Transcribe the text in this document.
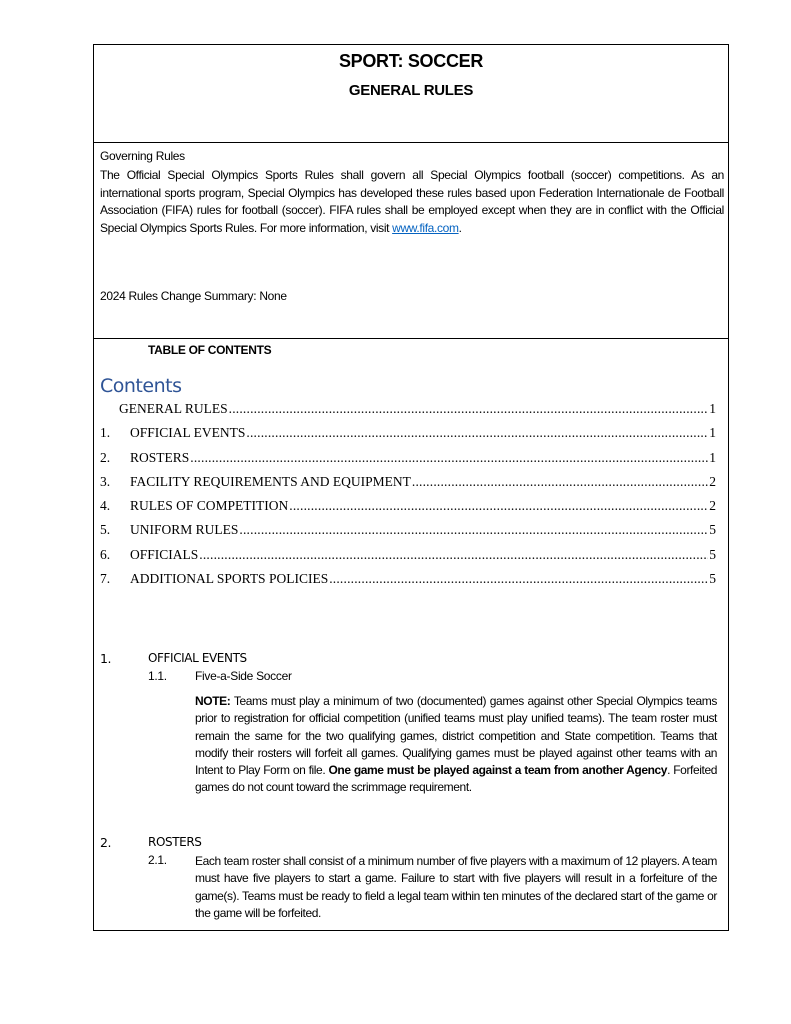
SPORT: SOCCER
GENERAL RULES
Governing Rules
The Official Special Olympics Sports Rules shall govern all Special Olympics football (soccer) competitions. As an international sports program, Special Olympics has developed these rules based upon Federation Internationale de Football Association (FIFA) rules for football (soccer). FIFA rules shall be employed except when they are in conflict with the Official Special Olympics Sports Rules. For more information, visit www.fifa.com.
2024 Rules Change Summary: None
TABLE OF CONTENTS
Contents
GENERAL RULES .....	1
1.	OFFICIAL EVENTS .....	1
2.	ROSTERS .....	1
3.	FACILITY REQUIREMENTS AND EQUIPMENT .....	2
4.	RULES OF COMPETITION .....	2
5.	UNIFORM RULES .....	5
6.	OFFICIALS .....	5
7.	ADDITIONAL SPORTS POLICIES .....	5
1.	OFFICIAL EVENTS
1.1. Five-a-Side Soccer
NOTE: Teams must play a minimum of two (documented) games against other Special Olympics teams prior to registration for official competition (unified teams must play unified teams). The team roster must remain the same for the two qualifying games, district competition and State competition. Teams that modify their rosters will forfeit all games. Qualifying games must be played against other teams with an Intent to Play Form on file. One game must be played against a team from another Agency. Forfeited games do not count toward the scrimmage requirement.
2.	ROSTERS
2.1. Each team roster shall consist of a minimum number of five players with a maximum of 12 players. A team must have five players to start a game. Failure to start with five players will result in a forfeiture of the game(s). Teams must be ready to field a legal team within ten minutes of the declared start of the game or the game will be forfeited.
